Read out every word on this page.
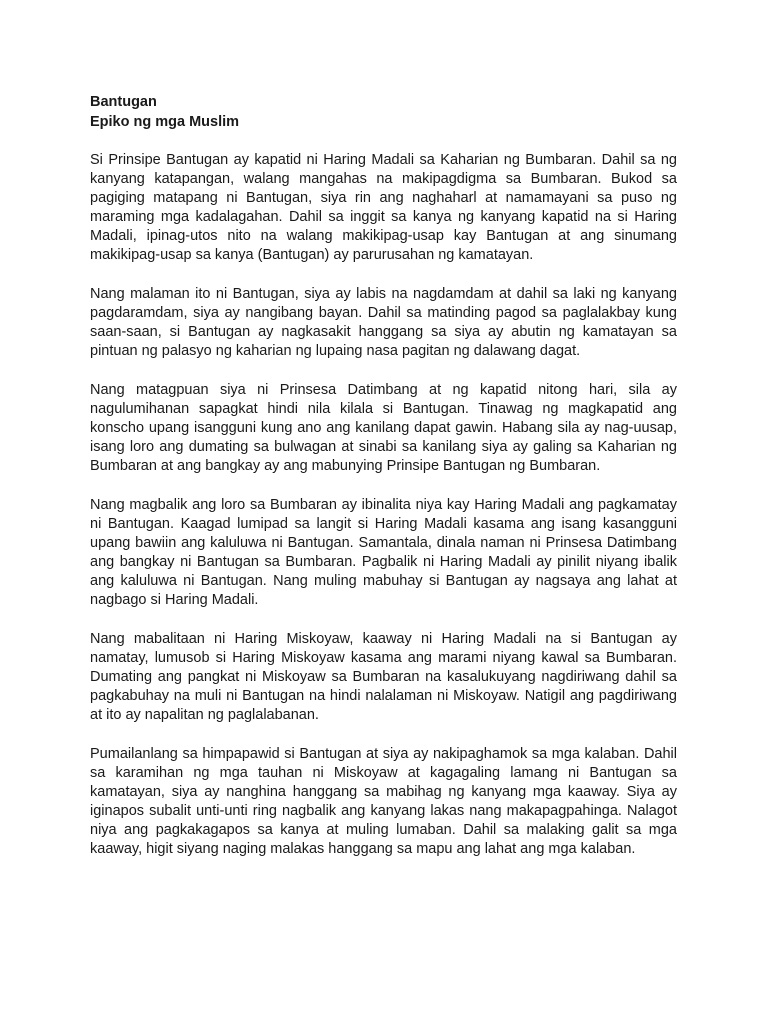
Bantugan

Epiko ng mga Muslim

Si Prinsipe Bantugan ay kapatid ni Haring Madali sa Kaharian ng Bumbaran. Dahil sa ng kanyang katapangan, walang mangahas na makipagdigma sa Bumbaran. Bukod sa pagiging matapang ni Bantugan, siya rin ang naghaharl at namamayani sa puso ng maraming mga kadalagahan. Dahil sa inggit sa kanya ng kanyang kapatid na si Haring Madali, ipinag-utos nito na walang makikipag-usap kay Bantugan at ang sinumang makikipag-usap sa kanya (Bantugan) ay parurusahan ng kamatayan.

Nang malaman ito ni Bantugan, siya ay labis na nagdamdam at dahil sa laki ng kanyang pagdaramdam, siya ay nangibang bayan. Dahil sa matinding pagod sa paglalakbay kung saan-saan, si Bantugan ay nagkasakit hanggang sa siya ay abutin ng kamatayan sa pintuan ng palasyo ng kaharian ng lupaing nasa pagitan ng dalawang dagat.

Nang matagpuan siya ni Prinsesa Datimbang at ng kapatid nitong hari, sila ay nagulumihanan sapagkat hindi nila kilala si Bantugan. Tinawag ng magkapatid ang konscho upang isangguni kung ano ang kanilang dapat gawin. Habang sila ay nag-uusap, isang loro ang dumating sa bulwagan at sinabi sa kanilang siya ay galing sa Kaharian ng Bumbaran at ang bangkay ay ang mabunying Prinsipe Bantugan ng Bumbaran.

Nang magbalik ang loro sa Bumbaran ay ibinalita niya kay Haring Madali ang pagkamatay ni Bantugan. Kaagad lumipad sa langit si Haring Madali kasama ang isang kasangguni upang bawiin ang kaluluwa ni Bantugan. Samantala, dinala naman ni Prinsesa Datimbang ang bangkay ni Bantugan sa Bumbaran. Pagbalik ni Haring Madali ay pinilit niyang ibalik ang kaluluwa ni Bantugan. Nang muling mabuhay si Bantugan ay nagsaya ang lahat at nagbago si Haring Madali.

Nang mabalitaan ni Haring Miskoyaw, kaaway ni Haring Madali na si Bantugan ay namatay, lumusob si Haring Miskoyaw kasama ang marami niyang kawal sa Bumbaran. Dumating ang pangkat ni Miskoyaw sa Bumbaran na kasalukuyang nagdiriwang dahil sa pagkabuhay na muli ni Bantugan na hindi nalalaman ni Miskoyaw. Natigil ang pagdiriwang at ito ay napalitan ng paglalabanan.

Pumailanlang sa himpapawid si Bantugan at siya ay nakipaghamok sa mga kalaban. Dahil sa karamihan ng mga tauhan ni Miskoyaw at kagagaling lamang ni Bantugan sa kamatayan, siya ay nanghina hanggang sa mabihag ng kanyang mga kaaway. Siya ay iginapos subalit unti-unti ring nagbalik ang kanyang lakas nang makapagpahinga. Nalagot niya ang pagkakagapos sa kanya at muling lumaban. Dahil sa malaking galit sa mga kaaway, higit siyang naging malakas hanggang sa mapu ang lahat ang mga kalaban.
